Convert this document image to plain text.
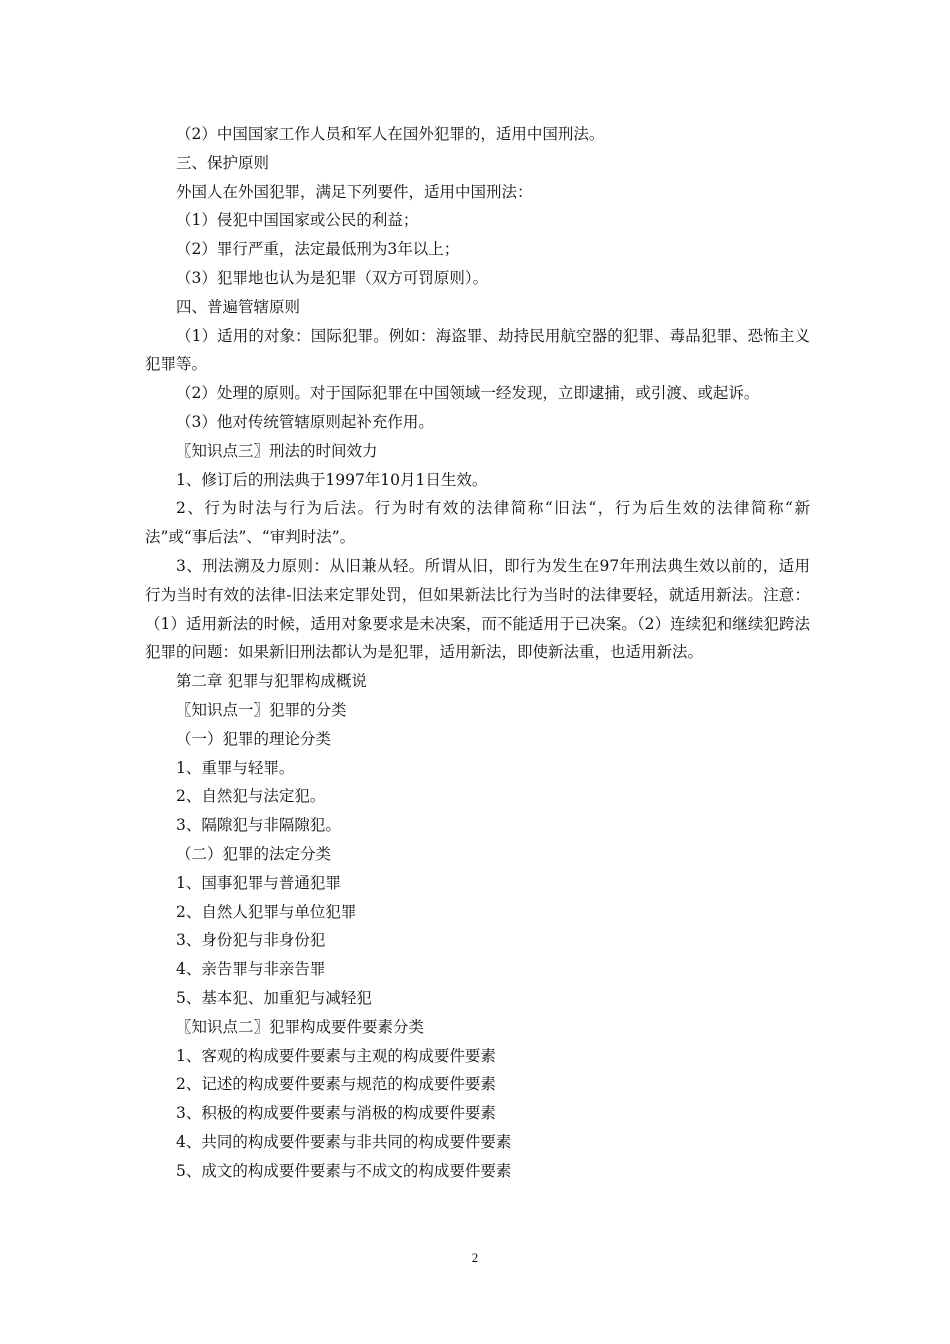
（2）中国国家工作人员和军人在国外犯罪的，适用中国刑法。
三、保护原则
外国人在外国犯罪，满足下列要件，适用中国刑法：
（1）侵犯中国国家或公民的利益；
（2）罪行严重，法定最低刑为3年以上；
（3）犯罪地也认为是犯罪（双方可罚原则）。
四、普遍管辖原则
（1）适用的对象：国际犯罪。例如：海盗罪、劫持民用航空器的犯罪、毒品犯罪、恐怖主义犯罪等。
（2）处理的原则。对于国际犯罪在中国领域一经发现，立即逮捕，或引渡、或起诉。
（3）他对传统管辖原则起补充作用。
〖知识点三〗刑法的时间效力
1、修订后的刑法典于1997年10月1日生效。
2、行为时法与行为后法。行为时有效的法律简称“旧法“，行为后生效的法律简称“新法”或“事后法”、“审判时法”。
3、刑法溯及力原则：从旧兼从轻。所谓从旧，即行为发生在97年刑法典生效以前的，适用行为当时有效的法律-旧法来定罪处罚，但如果新法比行为当时的法律要轻，就适用新法。注意：（1）适用新法的时候，适用对象要求是未决案，而不能适用于已决案。（2）连续犯和继续犯跨法犯罪的问题：如果新旧刑法都认为是犯罪，适用新法，即使新法重，也适用新法。
第二章 犯罪与犯罪构成概说
〖知识点一〗犯罪的分类
（一）犯罪的理论分类
1、重罪与轻罪。
2、自然犯与法定犯。
3、隔隙犯与非隔隙犯。
（二）犯罪的法定分类
1、国事犯罪与普通犯罪
2、自然人犯罪与单位犯罪
3、身份犯与非身份犯
4、亲告罪与非亲告罪
5、基本犯、加重犯与减轻犯
〖知识点二〗犯罪构成要件要素分类
1、客观的构成要件要素与主观的构成要件要素
2、记述的构成要件要素与规范的构成要件要素
3、积极的构成要件要素与消极的构成要件要素
4、共同的构成要件要素与非共同的构成要件要素
5、成文的构成要件要素与不成文的构成要件要素
2
